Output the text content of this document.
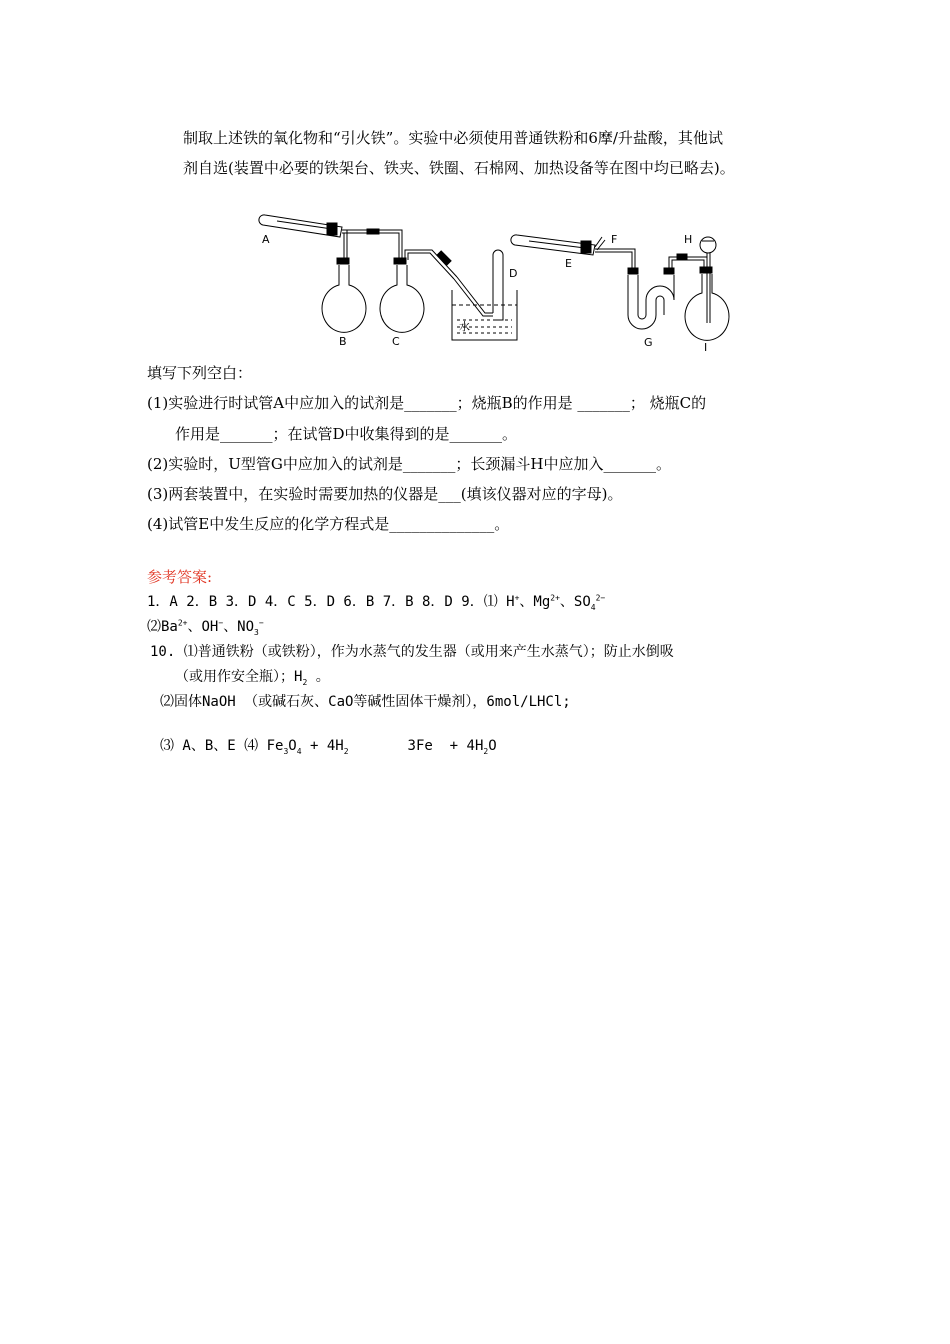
制取上述铁的氧化物和“引火铁”。实验中必须使用普通铁粉和6摩/升盐酸，其他试
剂自选(装置中必要的铁架台、铁夹、铁圈、石棉网、加热设备等在图中均已略去)。
A
B	C
D
E
F
G
H
I
水
填写下列空白：
(1)实验进行时试管A中应加入的试剂是_______；烧瓶B的作用是 _______； 烧瓶C的
作用是_______；在试管D中收集得到的是_______。
(2)实验时，U型管G中应加入的试剂是_______；长颈漏斗H中应加入_______。
(3)两套装置中，在实验时需要加热的仪器是___(填该仪器对应的字母)。
(4)试管E中发生反应的化学方程式是______________。
参考答案:
1．A 2．B 3．D 4．C 5．D 6．B 7．B 8．D 9．⑴ H+、$Mg^{2+}$、$SO_4^{2-}$
$⑵Ba^{2+}$、OH−、$NO_3^-$
10. ⑴普通铁粉（或铁粉），作为水蒸气的发生器（或用来产生水蒸气）；防止水倒吸
（或用作安全瓶）；$H_2$ 。
⑵固体NaOH （或碱石灰、CaO等碱性固体干燥剂），6mol/LHCl;
⑶ A、B、E ⑷ $Fe_3O_4 + 4H_2$       $3Fe + 4H_2O$
